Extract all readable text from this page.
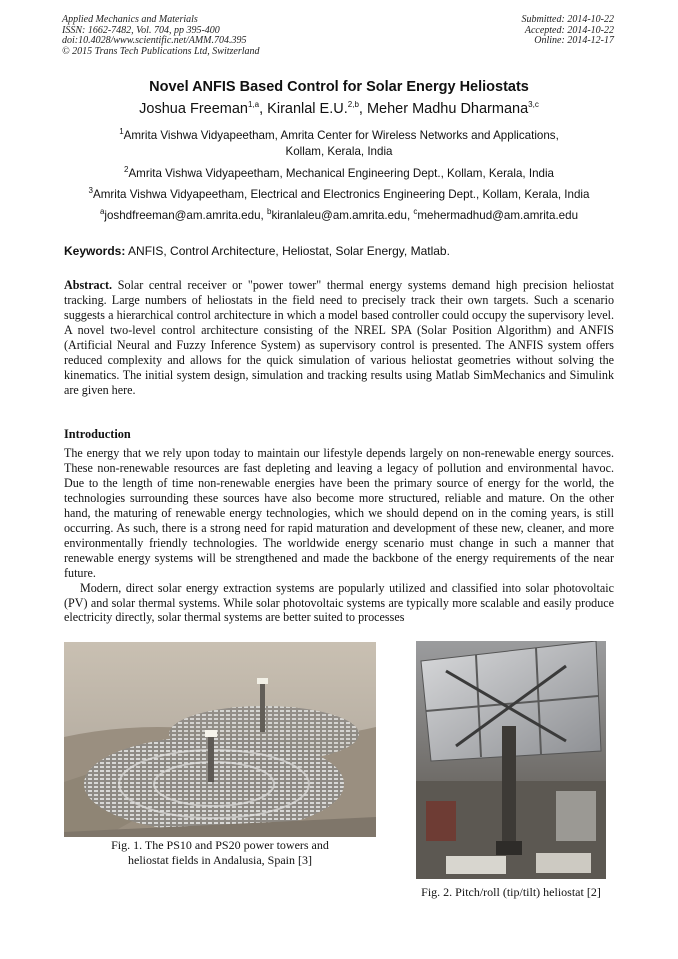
Applied Mechanics and Materials
ISSN: 1662-7482, Vol. 704, pp 395-400
doi:10.4028/www.scientific.net/AMM.704.395
© 2015 Trans Tech Publications Ltd, Switzerland
Submitted: 2014-10-22
Accepted: 2014-10-22
Online: 2014-12-17
Novel ANFIS Based Control for Solar Energy Heliostats
Joshua Freeman$^{1,a}$, Kiranlal E.U.$^{2,b}$, Meher Madhu Dharmana$^{3,c}$
$^1$Amrita Vishwa Vidyapeetham, Amrita Center for Wireless Networks and Applications,
Kollam, Kerala, India
$^2$Amrita Vishwa Vidyapeetham, Mechanical Engineering Dept., Kollam, Kerala, India
$^3$Amrita Vishwa Vidyapeetham, Electrical and Electronics Engineering Dept., Kollam, Kerala, India
$^a$joshdfreeman@am.amrita.edu, $^b$kiranlaleu@am.amrita.edu, $^c$mehermadhud@am.amrita.edu
Keywords: ANFIS, Control Architecture, Heliostat, Solar Energy, Matlab.
Abstract. Solar central receiver or "power tower" thermal energy systems demand high precision heliostat tracking. Large numbers of heliostats in the field need to precisely track their own targets. Such a scenario suggests a hierarchical control architecture in which a model based controller could occupy the supervisory level. A novel two-level control architecture consisting of the NREL SPA (Solar Position Algorithm) and ANFIS (Artificial Neural and Fuzzy Inference System) as supervisory control is presented. The ANFIS system offers reduced complexity and allows for the quick simulation of various heliostat geometries without solving the kinematics. The initial system design, simulation and tracking results using Matlab SimMechanics and Simulink are given here.
Introduction
The energy that we rely upon today to maintain our lifestyle depends largely on non-renewable energy sources. These non-renewable resources are fast depleting and leaving a legacy of pollution and environmental havoc. Due to the length of time non-renewable energies have been the primary source of energy for the world, the technologies surrounding these sources have also become more structured, reliable and mature. On the other hand, the maturing of renewable energy technologies, which we should depend on in the coming years, is still occurring. As such, there is a strong need for rapid maturation and development of these new, cleaner, and more environmentally friendly technologies. The worldwide energy scenario must change in such a manner that renewable energy systems will be strengthened and made the backbone of the energy requirements of the near future.
Modern, direct solar energy extraction systems are popularly utilized and classified into solar photovoltaic (PV) and solar thermal systems. While solar photovoltaic systems are typically more scalable and easily produce electricity directly, solar thermal systems are better suited to processes
Fig. 1. The PS10 and PS20 power towers and
heliostat fields in Andalusia, Spain [3]
Fig. 2. Pitch/roll (tip/tilt) heliostat [2]
